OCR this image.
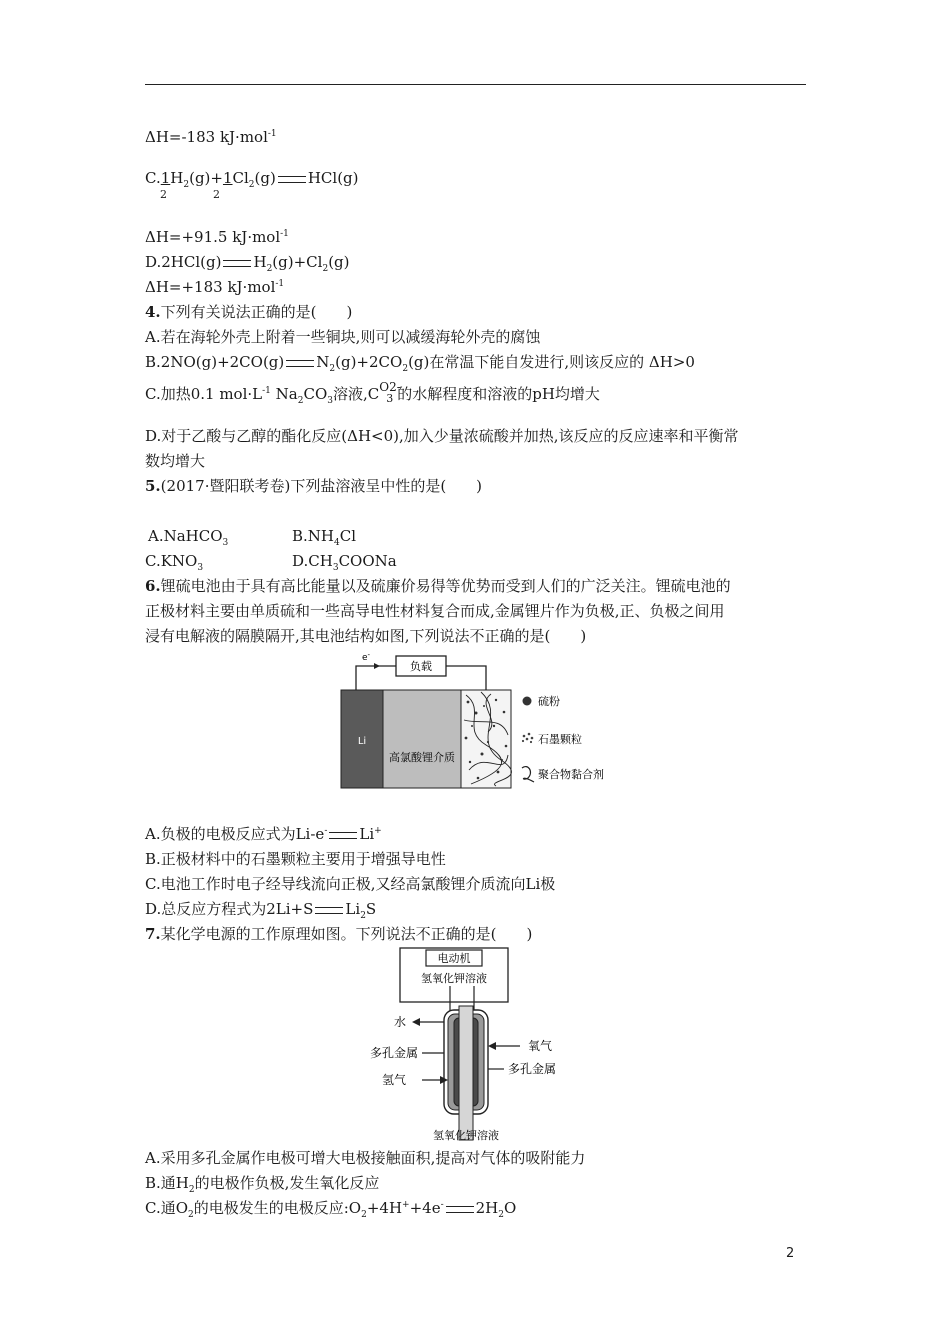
ΔH=-183 kJ·mol$^{-1}$
$C.1H_2(g)+1Cl_2(g)$ HCl(g)
2	2
ΔH=+91.5 kJ·mol$^{-1}$
D.2HCl(g) $H_2(g)+Cl_2(g)$
ΔH=+183 kJ·mol$^{-1}$
4.下列有关说法正确的是(　　)
A.若在海轮外壳上附着一些铜块,则可以减缓海轮外壳的腐蚀
B.2NO(g)+2CO(g) $N_2(g)+2CO_2(g)$在常温下能自发进行,则该反应的 ΔH>0
C.加热0.1 $mol\cdot L^{-1}$ $Na_2CO_3$溶液,C O2-
3 的水解程度和溶液的pH均增大
D.对于乙酸与乙醇的酯化反应(ΔH<0),加入少量浓硫酸并加热,该反应的反应速率和平衡常
数均增大
5.(2017·暨阳联考卷)下列盐溶液呈中性的是(　　)
A.NaHCO$_3$	$B.NH_4Cl$
$C.KNO_3$	$D.CH_3COONa$
6.锂硫电池由于具有高比能量以及硫廉价易得等优势而受到人们的广泛关注。锂硫电池的
正极材料主要由单质硫和一些高导电性材料复合而成,金属锂片作为负极,正、负极之间用
浸有电解液的隔膜隔开,其电池结构如图,下列说法不正确的是(　　)
e-
负载
Li
高氯酸锂介质
硫粉
石墨颗粒
聚合物黏合剂
A.负极的电极反应式为Li-e- Li+
B.正极材料中的石墨颗粒主要用于增强导电性
C.电池工作时电子经导线流向正极,又经高氯酸锂介质流向Li极
D.总反应方程式为2Li+S $Li_2S$
7.某化学电源的工作原理如图。下列说法不正确的是(　　)
电动机
氢氧化钾溶液
水
多孔金属
氢气
氧气
多孔金属
氢氧化钾溶液
A.采用多孔金属作电极可增大电极接触面积,提高对气体的吸附能力
B.通$H_2$的电极作负极,发生氧化反应
C.通$O_2$的电极发生的电极反应$:O_2+4H^++4e^-$ $2H_2O$
2
